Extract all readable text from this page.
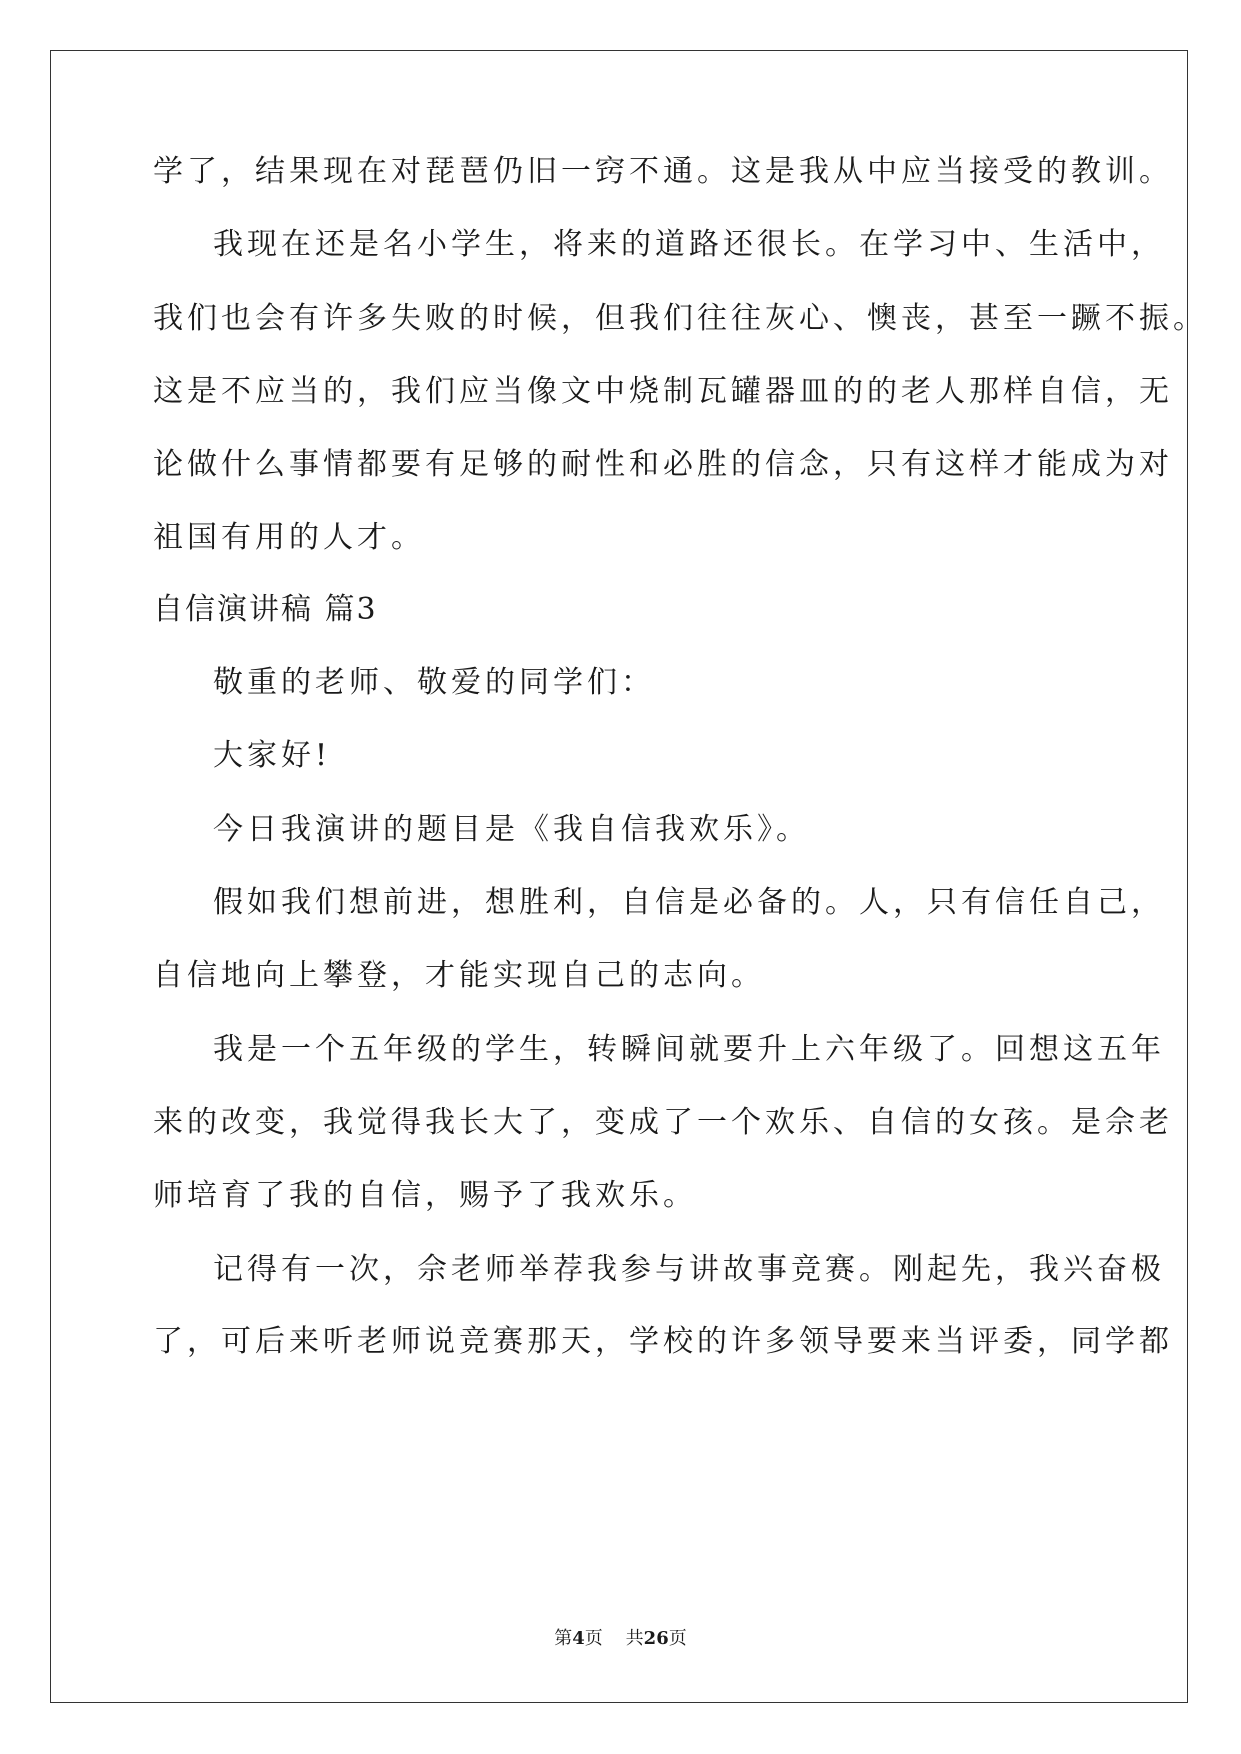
学了，结果现在对琵琶仍旧一窍不通。这是我从中应当接受的教训。
我现在还是名小学生，将来的道路还很长。在学习中、生活中，
我们也会有许多失败的时候，但我们往往灰心、懊丧，甚至一蹶不振。
这是不应当的，我们应当像文中烧制瓦罐器皿的的老人那样自信，无
论做什么事情都要有足够的耐性和必胜的信念，只有这样才能成为对
祖国有用的人才。
自信演讲稿 篇3
敬重的老师、敬爱的同学们：
大家好!
今日我演讲的题目是《我自信我欢乐》。
假如我们想前进，想胜利，自信是必备的。人，只有信任自己，
自信地向上攀登，才能实现自己的志向。
我是一个五年级的学生，转瞬间就要升上六年级了。回想这五年
来的改变，我觉得我长大了，变成了一个欢乐、自信的女孩。是佘老
师培育了我的自信，赐予了我欢乐。
记得有一次，佘老师举荐我参与讲故事竞赛。刚起先，我兴奋极
了，可后来听老师说竞赛那天，学校的许多领导要来当评委，同学都
第4页 共26页
